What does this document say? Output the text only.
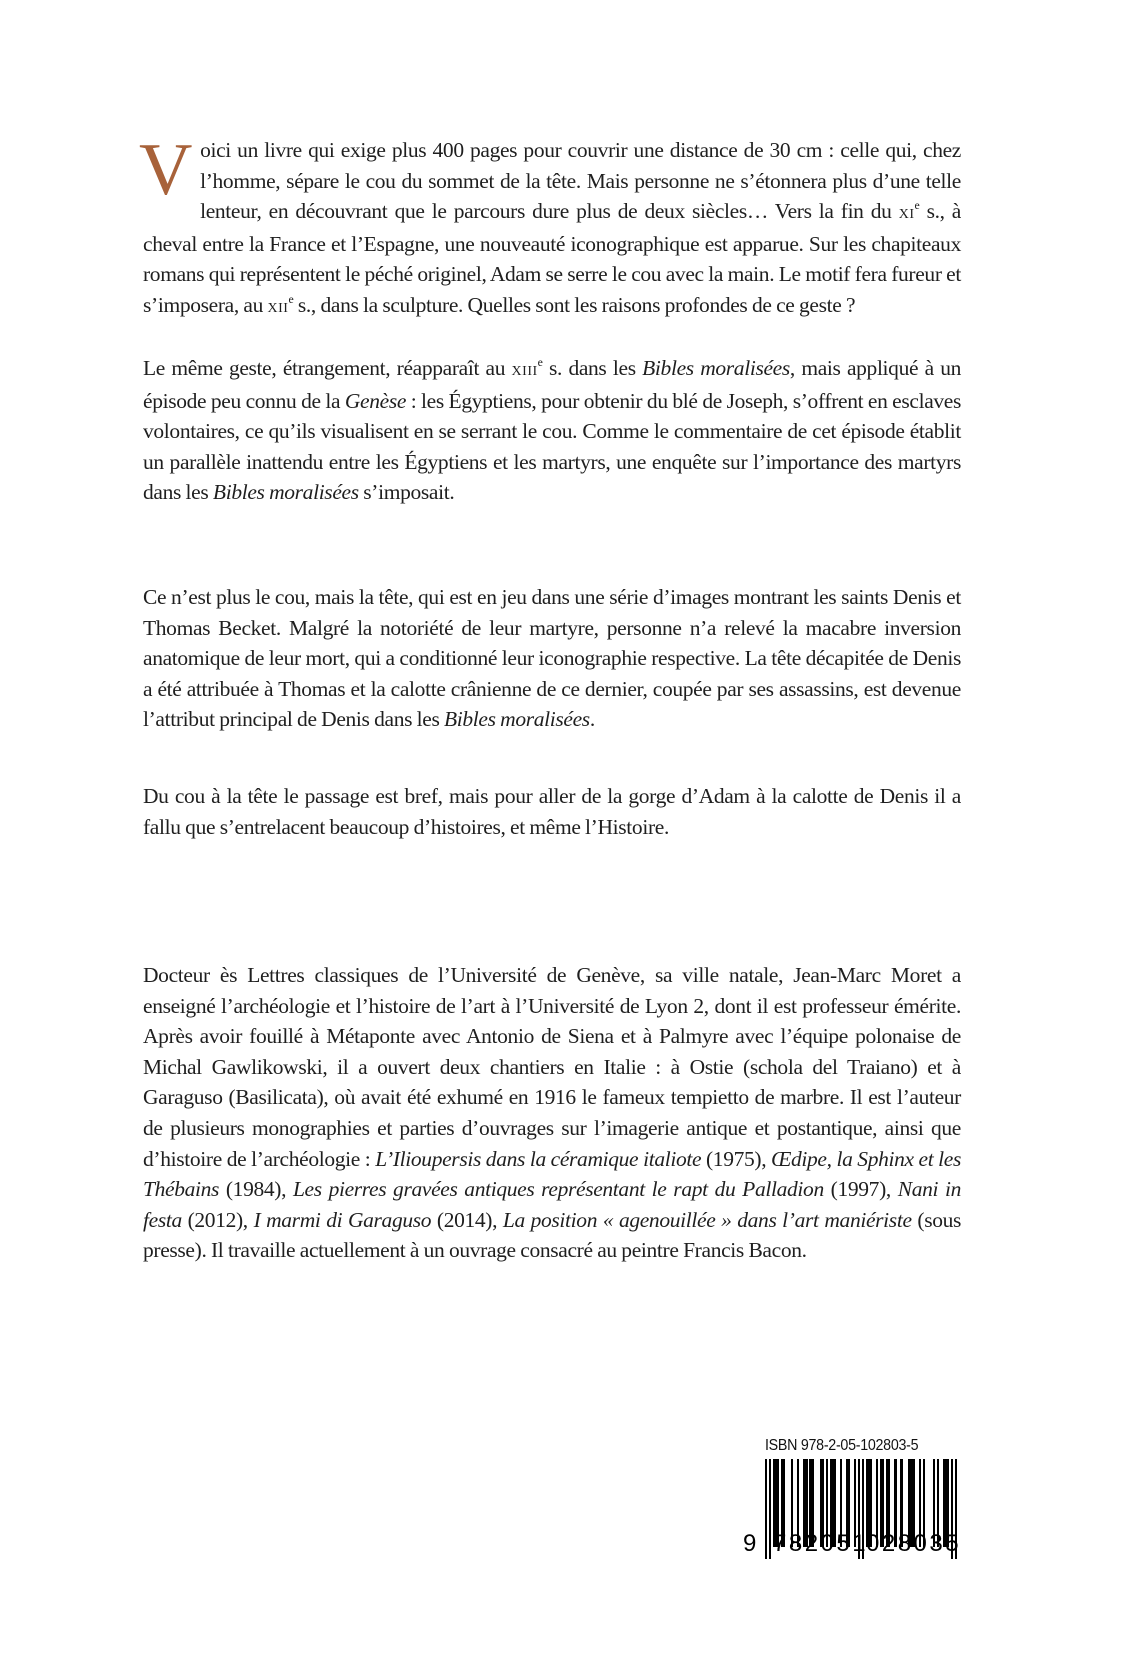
Voici un livre qui exige plus 400 pages pour couvrir une distance de 30 cm : celle qui, chez l’homme, sépare le cou du sommet de la tête. Mais personne ne s’étonnera plus d’une telle lenteur, en découvrant que le parcours dure plus de deux siècles… Vers la fin du $xi^e$ s., à cheval entre la France et l’Espagne, une nouveauté iconographique est apparue. Sur les chapiteaux romans qui représentent le péché originel, Adam se serre le cou avec la main. Le motif fera fureur et s’imposera, au xii$^e$ s., dans la sculpture. Quelles sont les raisons profondes de ce geste ?

Le même geste, étrangement, réapparaît au xiii$^e$ s. dans les Bibles moralisées, mais appliqué à un épisode peu connu de la Genèse : les Égyptiens, pour obtenir du blé de Joseph, s’offrent en esclaves volontaires, ce qu’ils visualisent en se serrant le cou. Comme le commentaire de cet épisode établit un parallèle inattendu entre les Égyptiens et les martyrs, une enquête sur l’importance des martyrs dans les Bibles moralisées s’imposait.

Ce n’est plus le cou, mais la tête, qui est en jeu dans une série d’images montrant les saints Denis et Thomas Becket. Malgré la notoriété de leur martyre, personne n’a relevé la macabre inversion anatomique de leur mort, qui a conditionné leur iconographie respective. La tête décapitée de Denis a été attribuée à Thomas et la calotte crânienne de ce dernier, coupée par ses assassins, est devenue l’attribut principal de Denis dans les Bibles moralisées.

Du cou à la tête le passage est bref, mais pour aller de la gorge d’Adam à la calotte de Denis il a fallu que s’entrelacent beaucoup d’histoires, et même l’Histoire.

Docteur ès Lettres classiques de l’Université de Genève, sa ville natale, Jean-Marc Moret a enseigné l’archéologie et l’histoire de l’art à l’Université de Lyon 2, dont il est professeur émérite. Après avoir fouillé à Métaponte avec Antonio de Siena et à Palmyre avec l’équipe polonaise de Michal Gawlikowski, il a ouvert deux chantiers en Italie : à Ostie (schola del Traiano) et à Garaguso (Basilicata), où avait été exhumé en 1916 le fameux tempietto de marbre. Il est l’auteur de plusieurs monographies et parties d’ouvrages sur l’imagerie antique et postantique, ainsi que d’histoire de l’archéologie : L’Ilioupersis dans la céramique italiote (1975), Œdipe, la Sphinx et les Thébains (1984), Les pierres gravées antiques représentant le rapt du Palladion (1997), Nani in festa (2012), I marmi di Garaguso (2014), La position « agenouillée » dans l’art maniériste (sous presse). Il travaille actuellement à un ouvrage consacré au peintre Francis Bacon.

ISBN 978-2-05-102803-5
9 782051
028035
